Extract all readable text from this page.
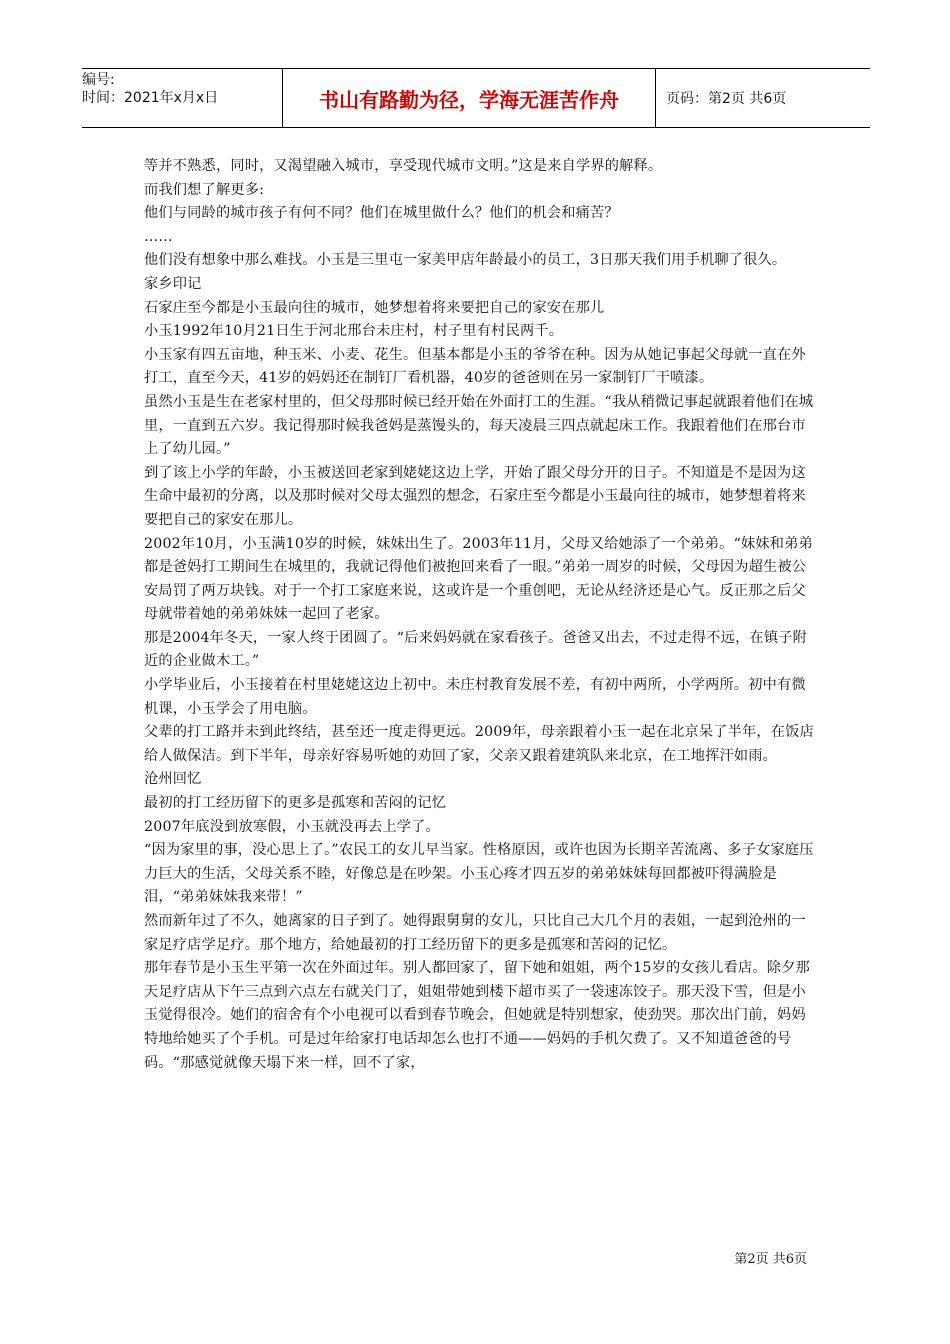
编号:
时间：2021年x月x日	书山有路勤为径，学海无涯苦作舟	页码：第2页 共6页

等并不熟悉，同时，又渴望融入城市，享受现代城市文明。”这是来自学界的解释。

而我们想了解更多:

他们与同龄的城市孩子有何不同？他们在城里做什么？他们的机会和痛苦？

……

他们没有想象中那么难找。小玉是三里屯一家美甲店年龄最小的员工，3日那天我们用手机聊了很久。

家乡印记

石家庄至今都是小玉最向往的城市，她梦想着将来要把自己的家安在那儿

小玉1992年10月21日生于河北邢台未庄村，村子里有村民两千。

小玉家有四五亩地，种玉米、小麦、花生。但基本都是小玉的爷爷在种。因为从她记事起父母就一直在外打工，直至今天，41岁的妈妈还在制钉厂看机器，40岁的爸爸则在另一家制钉厂干喷漆。

虽然小玉是生在老家村里的，但父母那时候已经开始在外面打工的生涯。“我从稍微记事起就跟着他们在城里，一直到五六岁。我记得那时候我爸妈是蒸馒头的，每天凌晨三四点就起床工作。我跟着他们在邢台市上了幼儿园。”

到了该上小学的年龄，小玉被送回老家到姥姥这边上学，开始了跟父母分开的日子。不知道是不是因为这生命中最初的分离，以及那时候对父母太强烈的想念，石家庄至今都是小玉最向往的城市，她梦想着将来要把自己的家安在那儿。

2002年10月，小玉满10岁的时候，妹妹出生了。2003年11月，父母又给她添了一个弟弟。“妹妹和弟弟都是爸妈打工期间生在城里的，我就记得他们被抱回来看了一眼。”弟弟一周岁的时候，父母因为超生被公安局罚了两万块钱。对于一个打工家庭来说，这或许是一个重创吧，无论从经济还是心气。反正那之后父母就带着她的弟弟妹妹一起回了老家。

那是2004年冬天，一家人终于团圆了。“后来妈妈就在家看孩子。爸爸又出去，不过走得不远，在镇子附近的企业做木工。”

小学毕业后，小玉接着在村里姥姥这边上初中。未庄村教育发展不差，有初中两所，小学两所。初中有微机课，小玉学会了用电脑。

父辈的打工路并未到此终结，甚至还一度走得更远。2009年，母亲跟着小玉一起在北京呆了半年，在饭店给人做保洁。到下半年，母亲好容易听她的劝回了家，父亲又跟着建筑队来北京，在工地挥汗如雨。

沧州回忆

最初的打工经历留下的更多是孤寒和苦闷的记忆

2007年底没到放寒假，小玉就没再去上学了。

“因为家里的事，没心思上了。”农民工的女儿早当家。性格原因，或许也因为长期辛苦流离、多子女家庭压力巨大的生活，父母关系不睦，好像总是在吵架。小玉心疼才四五岁的弟弟妹妹每回都被吓得满脸是泪，“弟弟妹妹我来带！”

然而新年过了不久，她离家的日子到了。她得跟舅舅的女儿，只比自己大几个月的表姐，一起到沧州的一家足疗店学足疗。那个地方，给她最初的打工经历留下的更多是孤寒和苦闷的记忆。

那年春节是小玉生平第一次在外面过年。别人都回家了，留下她和姐姐，两个15岁的女孩儿看店。除夕那天足疗店从下午三点到六点左右就关门了，姐姐带她到楼下超市买了一袋速冻饺子。那天没下雪，但是小玉觉得很冷。她们的宿舍有个小电视可以看到春节晚会，但她就是特别想家，使劲哭。那次出门前，妈妈特地给她买了个手机。可是过年给家打电话却怎么也打不通——妈妈的手机欠费了。又不知道爸爸的号码。“那感觉就像天塌下来一样，回不了家，

第2页 共6页
